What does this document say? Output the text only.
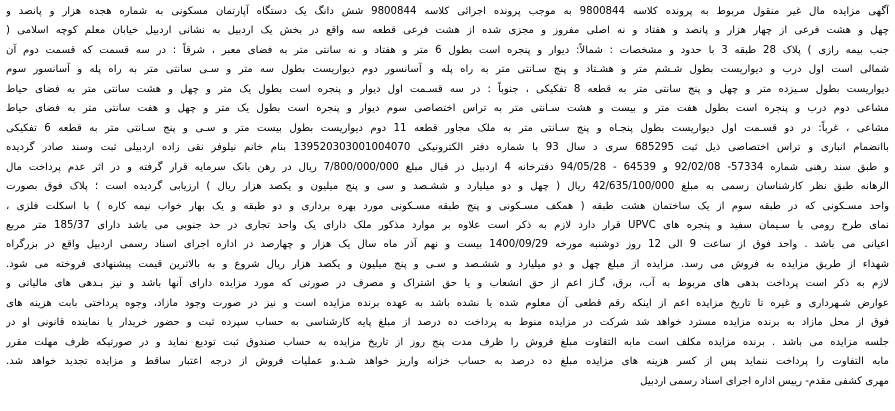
آگهی مزایده مال غیر منقول مربوط به پرونده کلاسه 9800844 به موجب پرونده اجرائی کلاسه 9800844 شش دانگ یک دستگاه آپارتمان مسکونی به شماره هجده هزار و پانصد و
چهل و هشت فرعی از چهار هزار و پانصد و هفتاد و نه اصلی مفروز و مجزی شده از هشت فرعی قطعه سه واقع در بخش یک اردبیل به نشانی اردبیل خیابان معلم کوچه اسلامی (
جنب بیمه رازی ) پلاک 28 طبقه 3 با حدود و مشخصات : شمالاً: دیوار و پنجره است بطول 6 متر و هفتاد و نه سانتی متر به فضای معبر ، شرقاً : در سه قسمت که قسمت دوم آن
شمالی است اول درب و دیواریست بطول شـشم متر و هشـتاد و پنج سـانتی متر به راه پله و آسانسور دوم دیواریست بطول سه متر و سـی سانتی متر به راه پله و آسانسور سوم
دیواریست بطول سـیزده متر و چهل و پنج سانتی متر به قطعه 8 تفکیکی ، جنوباً : در سه قسـمت اول دیوار و پنجره است بطول یک متر و چهل و هشت سانتی متر به فضای حیاط
مشاعی دوم درب و پنجره است بطول هفت متر و بیست و هشت سـانتی متر به تراس اختصاصی سوم دیوار و پنجره است بطول یک متر و چهل و هفت سانتی متر به فضای حیاط
مشاعی ، غرباً: در دو قسـمت اول دیواریست بطول پنجـاه و پنج سـانتی متر به ملک مجاور قطعه 11 دوم دیواریست بطول بیست متر و سـی و پنج سـانتی متر به قطعه 6 تفکیکی
باانضمام انباری و تراس اختصاصی ذیل ثبت 685295 سری د سال 93 با شماره دفتر الکترونیکی 139520303001004070 بنام خانم نیلوفر نقی زاده اردبیلی ثبت وسند صادر گردیده
و طبق سند رهنی شماره 57334- 92/02/08 و 64539 - 94/05/28 دفترخانه 4 اردبیل در قبال مبلغ 7/800/000/000 ریال در رهن بانک سرمایه قرار گرفته و در اثر عدم پرداخت مال
الرهانه طبق نظر کارشناسان رسمی به مبلغ 42/635/100/000 ریال ( چهل و دو میلیارد و ششـصد و سی و پنج میلیون و یکصد هزار ریال ) ارزیابی گردیده است ؛ پلاک فوق بصورت
واحد مسـکونی که در طبقه سوم از یک ساختمان هشت طبقه ( همکف مسـکونی و پنج طبقه مسـکونی مورد بهره برداری و دو طبقه و یک بهار خواب نیمه کاره ) با اسکلت فلزی ،
نمای طرح رومی با سـیمان سفید و پنجره های UPVC قرار دارد لازم به ذکر است علاوه بر موارد مذکور ملک دارای یک واحد تجاری در حد جنوبی می باشد دارای 185/37 متر مربع
اعیانی می باشد . واحد فوق از ساعت 9 الی 12 روز دوشنبه مورخه 1400/09/29 بیست و نهم آذر ماه سال یک هزار و چهارصد در اداره اجرای اسناد رسمی اردبیل واقع در بزرگراه
شهداء از طریق مزایده به فروش می رسد. مزایده از مبلغ چهل و دو میلیارد و ششـصد و سـی و پنج میلیون و یکصد هزار ریال شروع و به بالاترین قیمت پیشنهادی فروخته می شود.
لازم به ذکر است پرداخت بدهی های مربوط به آب، برق، گـاز اعم از حق انشعاب و یا حق اشتراک و مصرف در صورتی که مورد مزایده دارای آنها باشد و نیز بـدهی های مالیاتی و
عوارض شـهرداری و غیره تا تاریخ مزایده اعم از اینکه رقم قطعی آن معلوم شده یا نشده باشد به عهده برنده مزایده است و نیز در صورت وجود مازاد، وجوه پرداختی بابت هزینه های
فوق از محل مازاد به برنده مزایده مسترد خواهد شد شرکت در مزایده منوط به پرداخت ده درصد از مبلغ پایه کارشناسی به حساب سپرده ثبت و حضور خریدار یا نماینده قانونی او در
جلسه مزایده می باشد . برنده مزایده مکلف است مابه التفاوت مبلغ فروش را ظرف مدت پنج روز از تاریخ مزایده به حساب صندوق ثبت تودیع نماید و در صورتیکه ظرف مهلت مقرر
مابه التفاوت را پرداخت ننماید پس از کسر هزینه های مزایده مبلغ ده درصد به حساب خزانه واریز خواهد شـد.و عملیات فروش از درجه اعتبار ساقط و مزایده تجدید خواهد شد.
مهری کشفی مقدم- رییس اداره اجرای اسناد رسمی اردبیل
